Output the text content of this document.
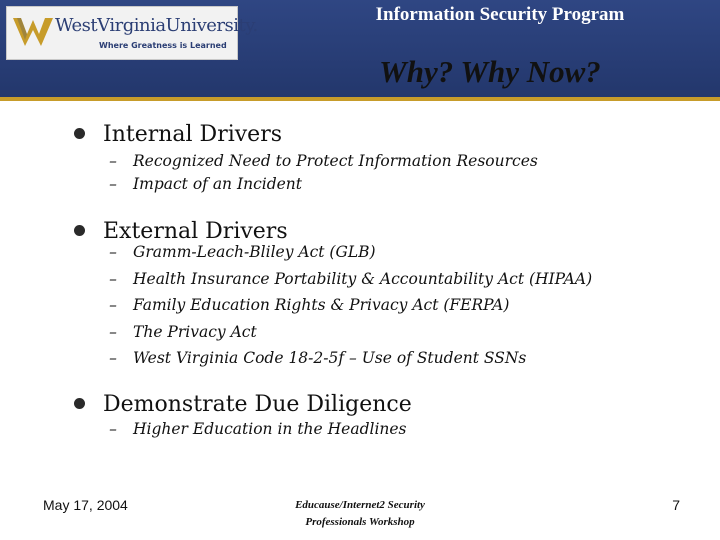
WestVirginiaUniversity.
Where Greatness is Learned
Information Security Program
Why? Why Now?
Internal Drivers
– Recognized Need to Protect Information Resources
– Impact of an Incident
External Drivers
– Gramm-Leach-Bliley Act (GLB)
– Health Insurance Portability & Accountability Act (HIPAA)
– Family Education Rights & Privacy Act (FERPA)
– The Privacy Act
– West Virginia Code 18-2-5f – Use of Student SSNs
Demonstrate Due Diligence
– Higher Education in the Headlines
May 17, 2004	Educause/Internet2 Security
Professionals Workshop
7
